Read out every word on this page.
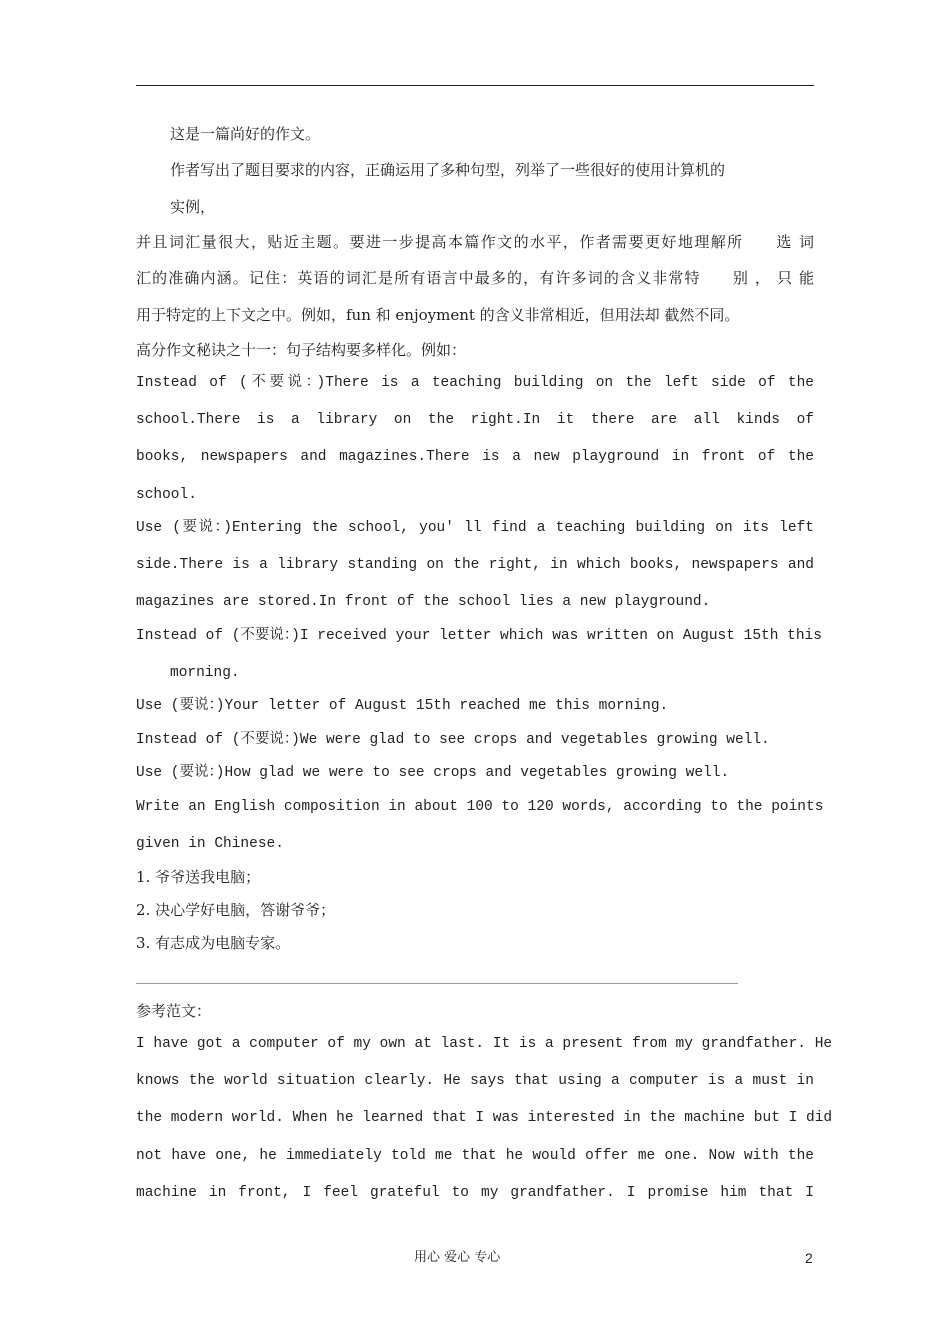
这是一篇尚好的作文。
作者写出了题目要求的内容，正确运用了多种句型，列举了一些很好的使用计算机的
实例，
并且词汇量很大，贴近主题。要进一步提高本篇作文的水平，作者需要更好地理解所　　选 词
汇的准确内涵。记住：英语的词汇是所有语言中最多的，有许多词的含义非常特　　别 ， 只 能
用于特定的上下文之中。例如，fun 和 enjoyment 的含义非常相近，但用法却 截然不同。
高分作文秘诀之十一：句子结构要多样化。例如：
Instead of (不要说：)There is a teaching building on the left side of the
school.There is a library on the right.In it there are all kinds of
books, newspapers and magazines.There is a new playground in front of the
school.
Use (要说：)Entering the school, you' ll find a teaching building on its left
side.There is a library standing on the right, in which books, newspapers and
magazines are stored.In front of the school lies a new playground.
Instead of (不要说：)I received your letter which was written on August 15th this
morning.
Use (要说：)Your letter of August 15th reached me this morning.
Instead of (不要说：)We were glad to see crops and vegetables growing well.
Use (要说：)How glad we were to see crops and vegetables growing well.
Write an English composition in about 100 to 120 words, according to the points
given in Chinese.
1. 爷爷送我电脑；
2. 决心学好电脑，答谢爷爷；
3. 有志成为电脑专家。
参考范文：
I have got a computer of my own at last. It is a present from my grandfather. He
knows the world situation clearly. He says that using a computer is a must in
the modern world. When he learned that I was interested in the machine but I did
not have one, he immediately told me that he would offer me one. Now with the
machine in front, I feel grateful to my grandfather. I promise him that I
用心 爱心 专心	2
